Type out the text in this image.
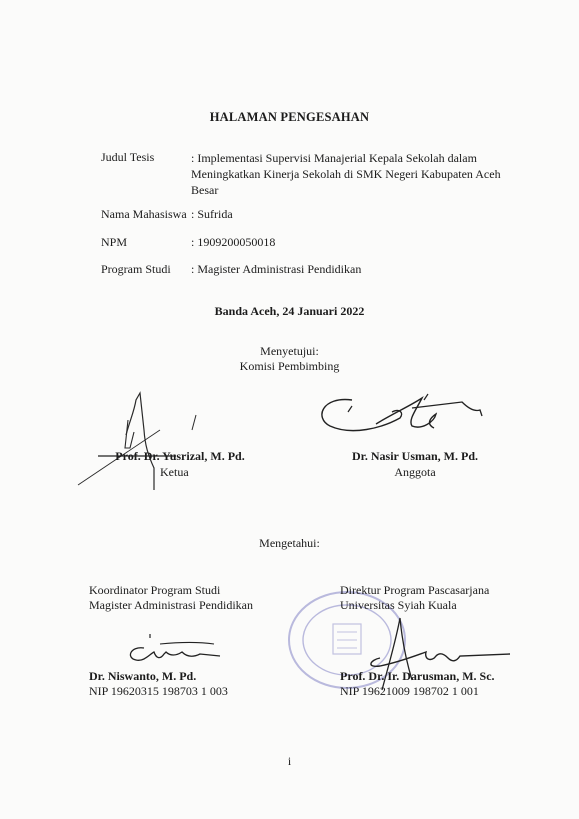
HALAMAN PENGESAHAN
Judul Tesis	: Implementasi Supervisi Manajerial Kepala Sekolah dalam Meningkatkan Kinerja Sekolah di SMK Negeri Kabupaten Aceh Besar
Nama Mahasiswa : Sufrida
NPM	: 1909200050018
Program Studi : Magister Administrasi Pendidikan
Banda Aceh, 24 Januari 2022
Menyetujui:
Komisi Pembimbing
Prof. Dr. Yusrizal, M. Pd.
Ketua
Dr. Nasir Usman, M. Pd.
Anggota
Mengetahui:
Koordinator Program Studi
Magister Administrasi Pendidikan
Dr. Niswanto, M. Pd.
NIP 19620315 198703 1 003
Direktur Program Pascasarjana
Universitas Syiah Kuala
Prof. Dr. Ir. Darusman, M. Sc.
NIP 19621009 198702 1 001
i
